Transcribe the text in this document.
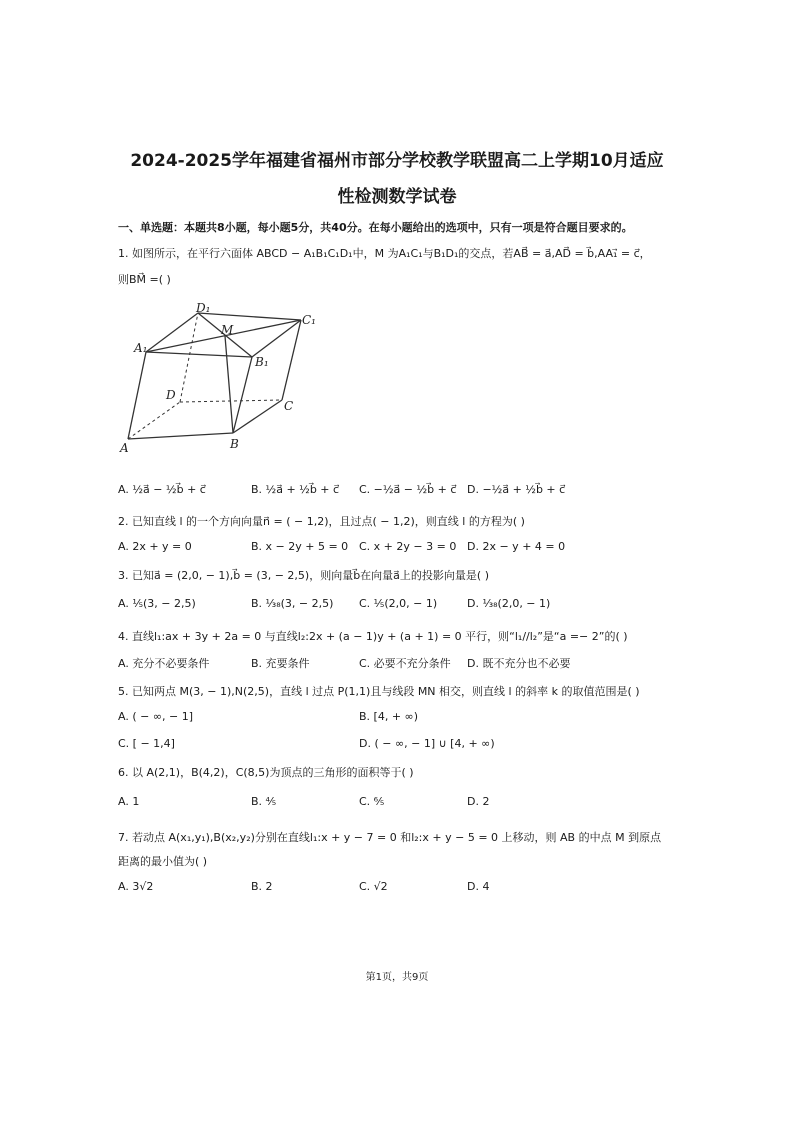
2024-2025学年福建省福州市部分学校教学联盟高二上学期10月适应
性检测数学试卷
一、单选题：本题共8小题，每小题5分，共40分。在每小题给出的选项中，只有一项是符合题目要求的。
1. 如图所示，在平行六面体 ABCD − A₁B₁C₁D₁中，M 为A₁C₁与B₁D₁的交点，若AB⃗ = a⃗,AD⃗ = b⃗,AA₁⃗ = c⃗，
则BM⃗ =( )
A	B
C
D
A₁
B₁
C₁
D₁
M
A. ½a⃗ − ½b⃗ + c⃗	B. ½a⃗ + ½b⃗ + c⃗ C. −½a⃗ − ½b⃗ + c⃗ D. −½a⃗ + ½b⃗ + c⃗
2. 已知直线 l 的一个方向向量n⃗ = ( − 1,2)，且过点( − 1,2)，则直线 l 的方程为( )
A. 2x + y = 0	B. x − 2y + 5 = 0 C. x + 2y − 3 = 0 D. 2x − y + 4 = 0
3. 已知a⃗ = (2,0, − 1),b⃗ = (3, − 2,5)，则向量b⃗在向量a⃗上的投影向量是( )
A. ⅕(3, − 2,5)	B. ¹⁄₃₈(3, − 2,5) C. ⅕(2,0, − 1)	D. ¹⁄₃₈(2,0, − 1)
4. 直线l₁:ax + 3y + 2a = 0 与直线l₂:2x + (a − 1)y + (a + 1) = 0 平行，则“l₁//l₂”是“a =− 2”的( )
A. 充分不必要条件	B. 充要条件	C. 必要不充分条件 D. 既不充分也不必要
5. 已知两点 M(3, − 1),N(2,5)，直线 l 过点 P(1,1)且与线段 MN 相交，则直线 l 的斜率 k 的取值范围是( )
A. ( − ∞, − 1]	B. [4, + ∞)
C. [ − 1,4]	D. ( − ∞, − 1] ∪ [4, + ∞)
6. 以 A(2,1)，B(4,2)，C(8,5)为顶点的三角形的面积等于( )
A. 1	B. ⁴⁄₅	C. ⁶⁄₅	D. 2
7. 若动点 A(x₁,y₁),B(x₂,y₂)分别在直线l₁:x + y − 7 = 0 和l₂:x + y − 5 = 0 上移动，则 AB 的中点 M 到原点
距离的最小值为( )
A. 3√2	B. 2	C. √2	D. 4
第1页，共9页
